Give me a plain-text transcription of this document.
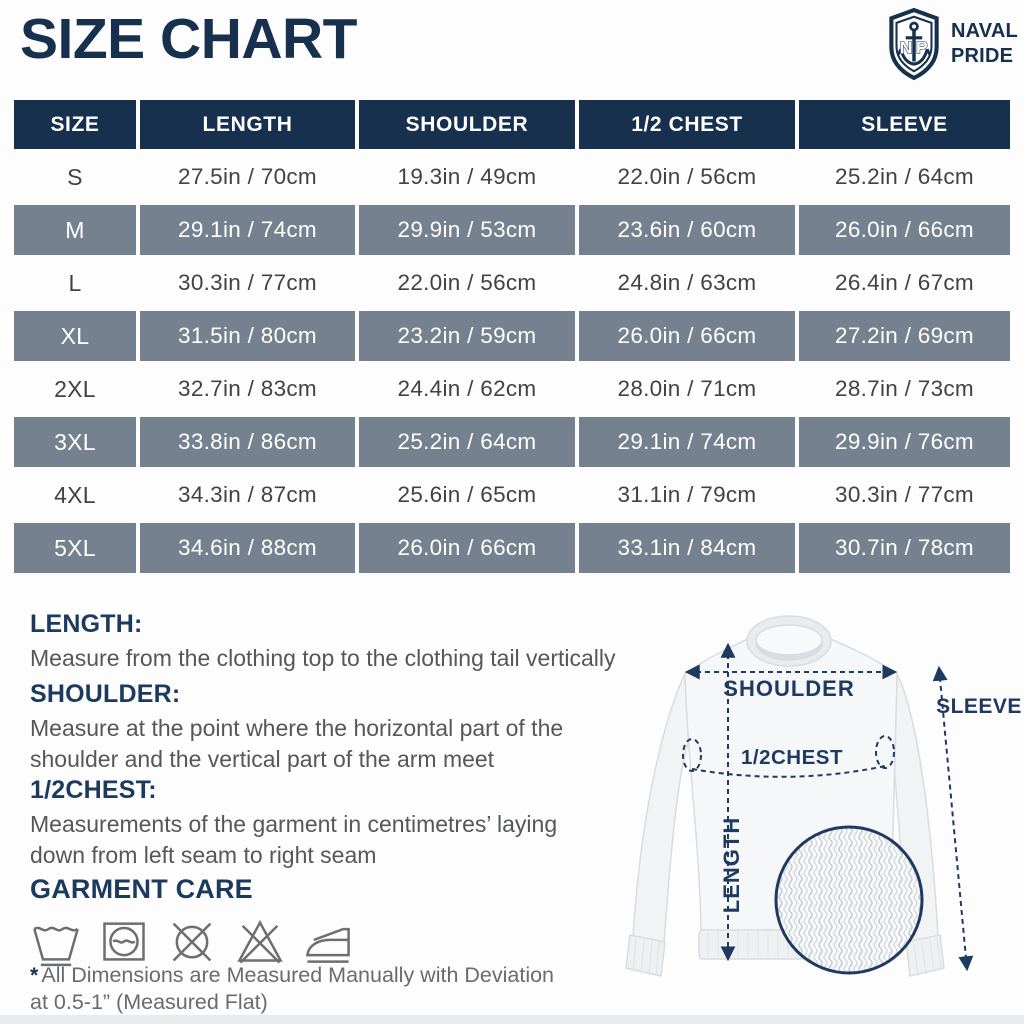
SIZE CHART	N P
NAVAL
PRIDE
SIZE	LENGTH	SHOULDER	1/2 CHEST	SLEEVE
S	27.5in / 70cm	19.3in / 49cm	22.0in / 56cm	25.2in / 64cm
M	29.1in / 74cm	29.9in / 53cm	23.6in / 60cm	26.0in / 66cm
L	30.3in / 77cm	22.0in / 56cm	24.8in / 63cm	26.4in / 67cm
XL	31.5in / 80cm	23.2in / 59cm	26.0in / 66cm	27.2in / 69cm
2XL	32.7in / 83cm	24.4in / 62cm	28.0in / 71cm	28.7in / 73cm
3XL	33.8in / 86cm	25.2in / 64cm	29.1in / 74cm	29.9in / 76cm
4XL	34.3in / 87cm	25.6in / 65cm	31.1in / 79cm	30.3in / 77cm
5XL	34.6in / 88cm	26.0in / 66cm	33.1in / 84cm	30.7in / 78cm
LENGTH:
Measure from the clothing top to the clothing tail vertically
SHOULDER:
Measure at the point where the horizontal part of the shoulder and the vertical part of the arm meet
1/2CHEST:
Measurements of the garment in centimetres’ laying down from left seam to right seam
GARMENT CARE
* All Dimensions are Measured Manually with Deviation
at 0.5-1” (Measured Flat)
SHOULDER
1/2CHEST
LENGTH
SLEEVE
